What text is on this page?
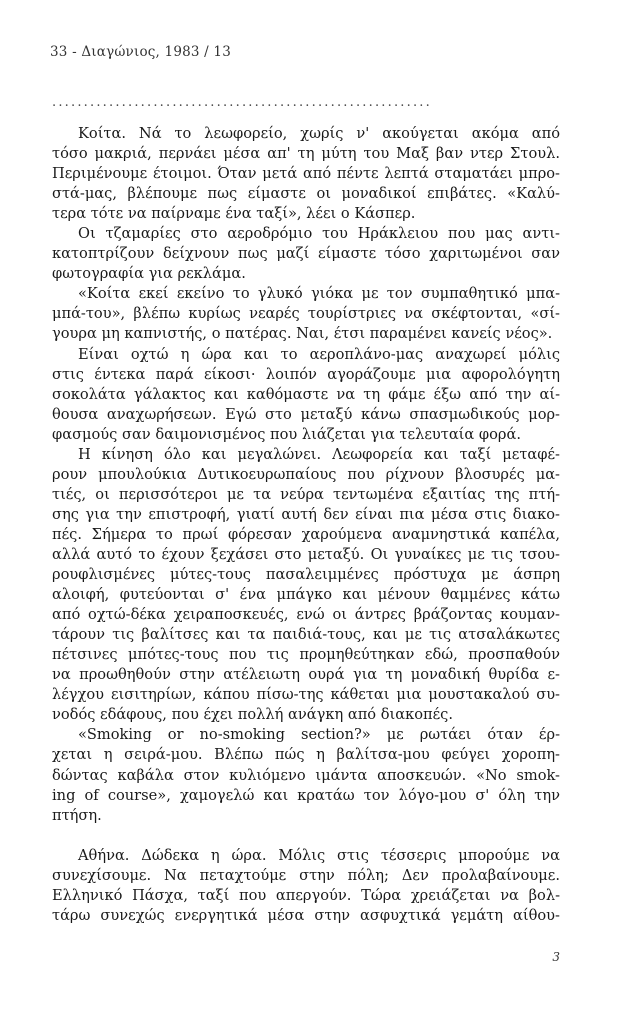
33 - Διαγώνιος, 1983 / 13
............................................................
Κοίτα. Νά το λεωφορείο, χωρίς ν' ακούγεται ακόμα από
τόσο μακριά, περνάει μέσα απ' τη μύτη του Μαξ βαν ντερ Στουλ.
Περιμένουμε έτοιμοι. Όταν μετά από πέντε λεπτά σταματάει μπρο-
στά-μας, βλέπουμε πως είμαστε οι μοναδικοί επιβάτες. «Καλύ-
τερα τότε να παίρναμε ένα ταξί», λέει ο Κάσπερ.
Οι τζαμαρίες στο αεροδρόμιο του Ηράκλειου που μας αντι-
κατοπτρίζουν δείχνουν πως μαζί είμαστε τόσο χαριτωμένοι σαν
φωτογραφία για ρεκλάμα.
«Κοίτα εκεί εκείνο το γλυκό γιόκα με τον συμπαθητικό μπα-
μπά-του», βλέπω κυρίως νεαρές τουρίστριες να σκέφτονται, «σί-
γουρα μη καπνιστής, ο πατέρας. Ναι, έτσι παραμένει κανείς νέος».
Είναι οχτώ η ώρα και το αεροπλάνο-μας αναχωρεί μόλις
στις έντεκα παρά είκοσι· λοιπόν αγοράζουμε μια αφορολόγητη
σοκολάτα γάλακτος και καθόμαστε να τη φάμε έξω από την αί-
θουσα αναχωρήσεων. Εγώ στο μεταξύ κάνω σπασμωδικούς μορ-
φασμούς σαν δαιμονισμένος που λιάζεται για τελευταία φορά.
Η κίνηση όλο και μεγαλώνει. Λεωφορεία και ταξί μεταφέ-
ρουν μπουλούκια Δυτικοευρωπαίους που ρίχνουν βλοσυρές μα-
τιές, οι περισσότεροι με τα νεύρα τεντωμένα εξαιτίας της πτή-
σης για την επιστροφή, γιατί αυτή δεν είναι πια μέσα στις διακο-
πές. Σήμερα το πρωί φόρεσαν χαρούμενα αναμνηστικά καπέλα,
αλλά αυτό το έχουν ξεχάσει στο μεταξύ. Οι γυναίκες με τις τσου-
ρουφλισμένες μύτες-τους πασαλειμμένες πρόστυχα με άσπρη
αλοιφή, φυτεύονται σ' ένα μπάγκο και μένουν θαμμένες κάτω
από οχτώ-δέκα χειραποσκευές, ενώ οι άντρες βράζοντας κουμαν-
τάρουν τις βαλίτσες και τα παιδιά-τους, και με τις ατσαλάκωτες
πέτσινες μπότες-τους που τις προμηθεύτηκαν εδώ, προσπαθούν
να προωθηθούν στην ατέλειωτη ουρά για τη μοναδική θυρίδα ε-
λέγχου εισιτηρίων, κάπου πίσω-της κάθεται μια μουστακαλού συ-
νοδός εδάφους, που έχει πολλή ανάγκη από διακοπές.
«Smoking or no-smoking section?» με ρωτάει όταν έρ-
χεται η σειρά-μου. Βλέπω πώς η βαλίτσα-μου φεύγει χοροπη-
δώντας καβάλα στον κυλιόμενο ιμάντα αποσκευών. «No smok-
ing of course», χαμογελώ και κρατάω τον λόγο-μου σ' όλη την
πτήση.
Αθήνα. Δώδεκα η ώρα. Μόλις στις τέσσερις μπορούμε να
συνεχίσουμε. Να πεταχτούμε στην πόλη; Δεν προλαβαίνουμε.
Ελληνικό Πάσχα, ταξί που απεργούν. Τώρα χρειάζεται να βολ-
τάρω συνεχώς ενεργητικά μέσα στην ασφυχτικά γεμάτη αίθου-
3
